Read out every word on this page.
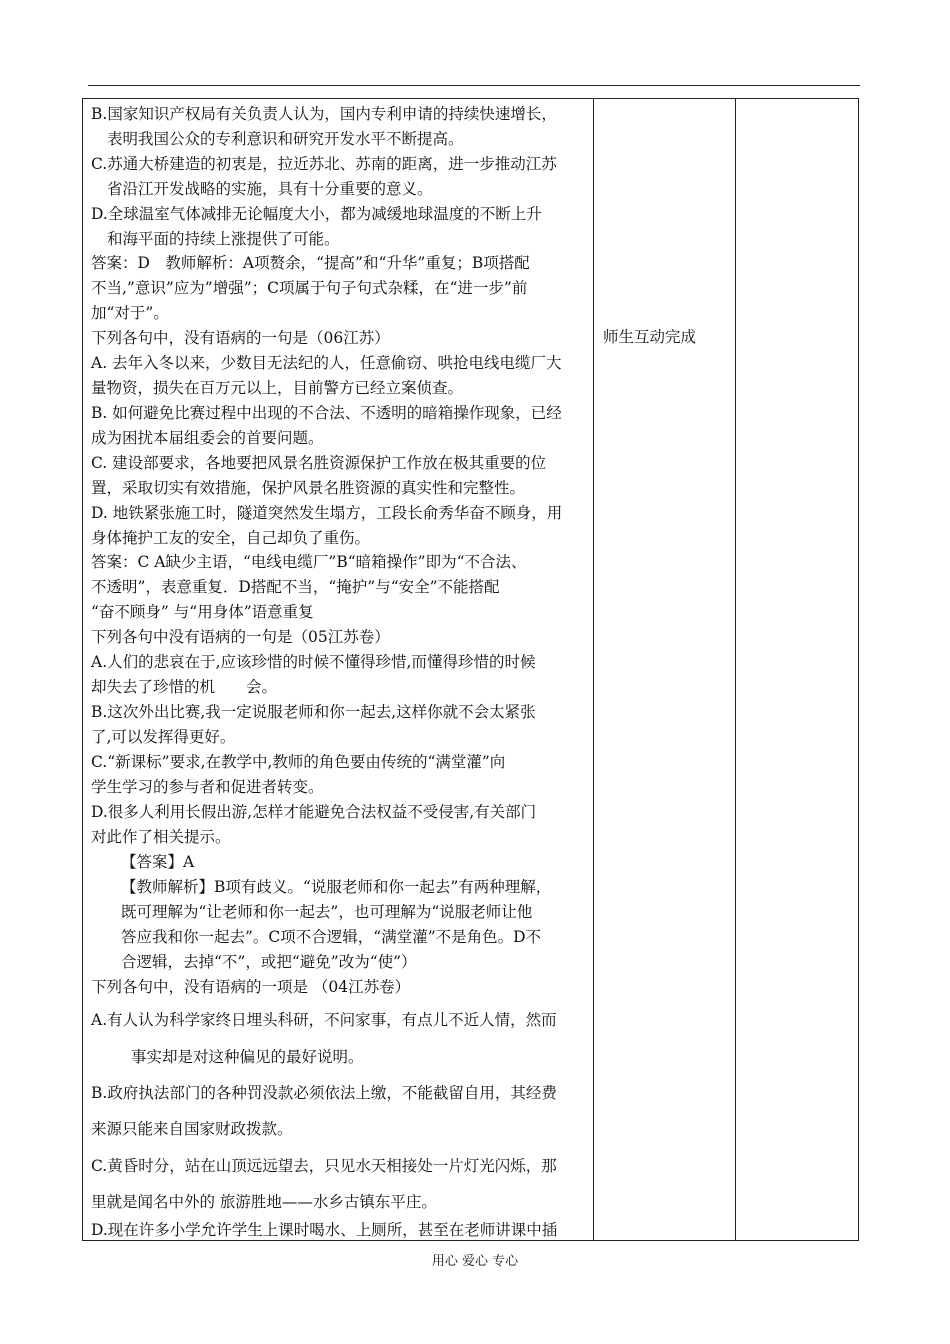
B.国家知识产权局有关负责人认为，国内专利申请的持续快速增长，
表明我国公众的专利意识和研究开发水平不断提高。
C.苏通大桥建造的初衷是，拉近苏北、苏南的距离，进一步推动江苏
省沿江开发战略的实施，具有十分重要的意义。
D.全球温室气体减排无论幅度大小，都为减缓地球温度的不断上升
和海平面的持续上涨提供了可能。
答案：D　教师解析：A项赘余，“提高”和“升华”重复；B项搭配
不当,”意识”应为”增强”；C项属于句子句式杂糅，在“进一步”前
加“对于”。
下列各句中，没有语病的一句是（06江苏）
A. 去年入冬以来，少数目无法纪的人，任意偷窃、哄抢电线电缆厂大
量物资，损失在百万元以上，目前警方已经立案侦查。
B. 如何避免比赛过程中出现的不合法、不透明的暗箱操作现象，已经
成为困扰本届组委会的首要问题。
C. 建设部要求，各地要把风景名胜资源保护工作放在极其重要的位
置，采取切实有效措施，保护风景名胜资源的真实性和完整性。
D. 地铁紧张施工时，隧道突然发生塌方，工段长俞秀华奋不顾身，用
身体掩护工友的安全，自己却负了重伤。
答案：C A缺少主语，“电线电缆厂”B“暗箱操作”即为“不合法、
不透明”，表意重复．D搭配不当，“掩护”与“安全”不能搭配
“奋不顾身” 与“用身体”语意重复
下列各句中没有语病的一句是（05江苏卷）
A.人们的悲哀在于,应该珍惜的时候不懂得珍惜,而懂得珍惜的时候
却失去了珍惜的机　　会。
B.这次外出比赛,我一定说服老师和你一起去,这样你就不会太紧张
了,可以发挥得更好。
C.“新课标”要求,在教学中,教师的角色要由传统的“满堂灌”向
学生学习的参与者和促进者转变。
D.很多人利用长假出游,怎样才能避免合法权益不受侵害,有关部门
对此作了相关提示。
【答案】A
【教师解析】B项有歧义。“说服老师和你一起去”有两种理解，
既可理解为“让老师和你一起去”，也可理解为“说服老师让他
答应我和你一起去”。C项不合逻辑，“满堂灌”不是角色。D不
合逻辑，去掉“不”，或把“避免”改为“使”）
下列各句中，没有语病的一项是 （04江苏卷）
A.有人认为科学家终日埋头科研，不问家事，有点儿不近人情，然而
事实却是对这种偏见的最好说明。
B.政府执法部门的各种罚没款必须依法上缴，不能截留自用，其经费
来源只能来自国家财政拨款。
C.黄昏时分，站在山顶远远望去，只见水天相接处一片灯光闪烁，那
里就是闻名中外的 旅游胜地——水乡古镇东平庄。
D.现在许多小学允许学生上课时喝水、上厕所，甚至在老师讲课中插
师生互动完成
用心 爱心 专心
